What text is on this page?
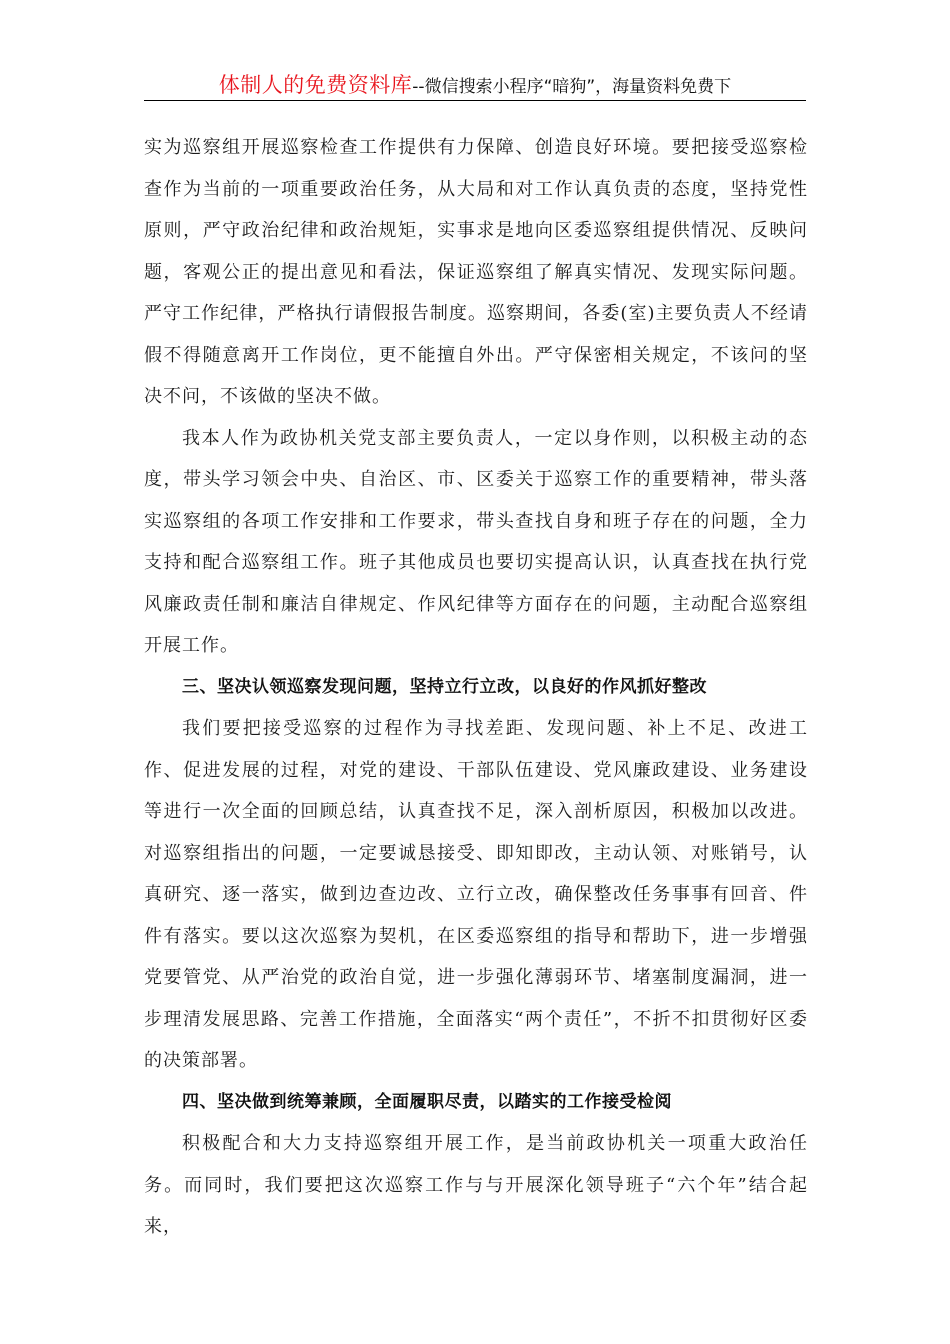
体制人的免费资料库--微信搜索小程序“暗狗”，海量资料免费下

实为巡察组开展巡察检查工作提供有力保障、创造良好环境。要把接受巡察检查作为当前的一项重要政治任务，从大局和对工作认真负责的态度，坚持党性原则，严守政治纪律和政治规矩，实事求是地向区委巡察组提供情况、反映问题，客观公正的提出意见和看法，保证巡察组了解真实情况、发现实际问题。严守工作纪律，严格执行请假报告制度。巡察期间，各委(室)主要负责人不经请假不得随意离开工作岗位，更不能擅自外出。严守保密相关规定，不该问的坚决不问，不该做的坚决不做。

我本人作为政协机关党支部主要负责人，一定以身作则，以积极主动的态度，带头学习领会中央、自治区、市、区委关于巡察工作的重要精神，带头落实巡察组的各项工作安排和工作要求，带头查找自身和班子存在的问题，全力支持和配合巡察组工作。班子其他成员也要切实提高认识，认真查找在执行党风廉政责任制和廉洁自律规定、作风纪律等方面存在的问题，主动配合巡察组开展工作。

三、坚决认领巡察发现问题，坚持立行立改，以良好的作风抓好整改

我们要把接受巡察的过程作为寻找差距、发现问题、补上不足、改进工作、促进发展的过程，对党的建设、干部队伍建设、党风廉政建设、业务建设等进行一次全面的回顾总结，认真查找不足，深入剖析原因，积极加以改进。对巡察组指出的问题，一定要诚恳接受、即知即改，主动认领、对账销号，认真研究、逐一落实，做到边查边改、立行立改，确保整改任务事事有回音、件件有落实。要以这次巡察为契机，在区委巡察组的指导和帮助下，进一步增强党要管党、从严治党的政治自觉，进一步强化薄弱环节、堵塞制度漏洞，进一步理清发展思路、完善工作措施，全面落实“两个责任”，不折不扣贯彻好区委的决策部署。

四、坚决做到统筹兼顾，全面履职尽责，以踏实的工作接受检阅

积极配合和大力支持巡察组开展工作，是当前政协机关一项重大政治任务。而同时，我们要把这次巡察工作与与开展深化领导班子“六个年”结合起来，
